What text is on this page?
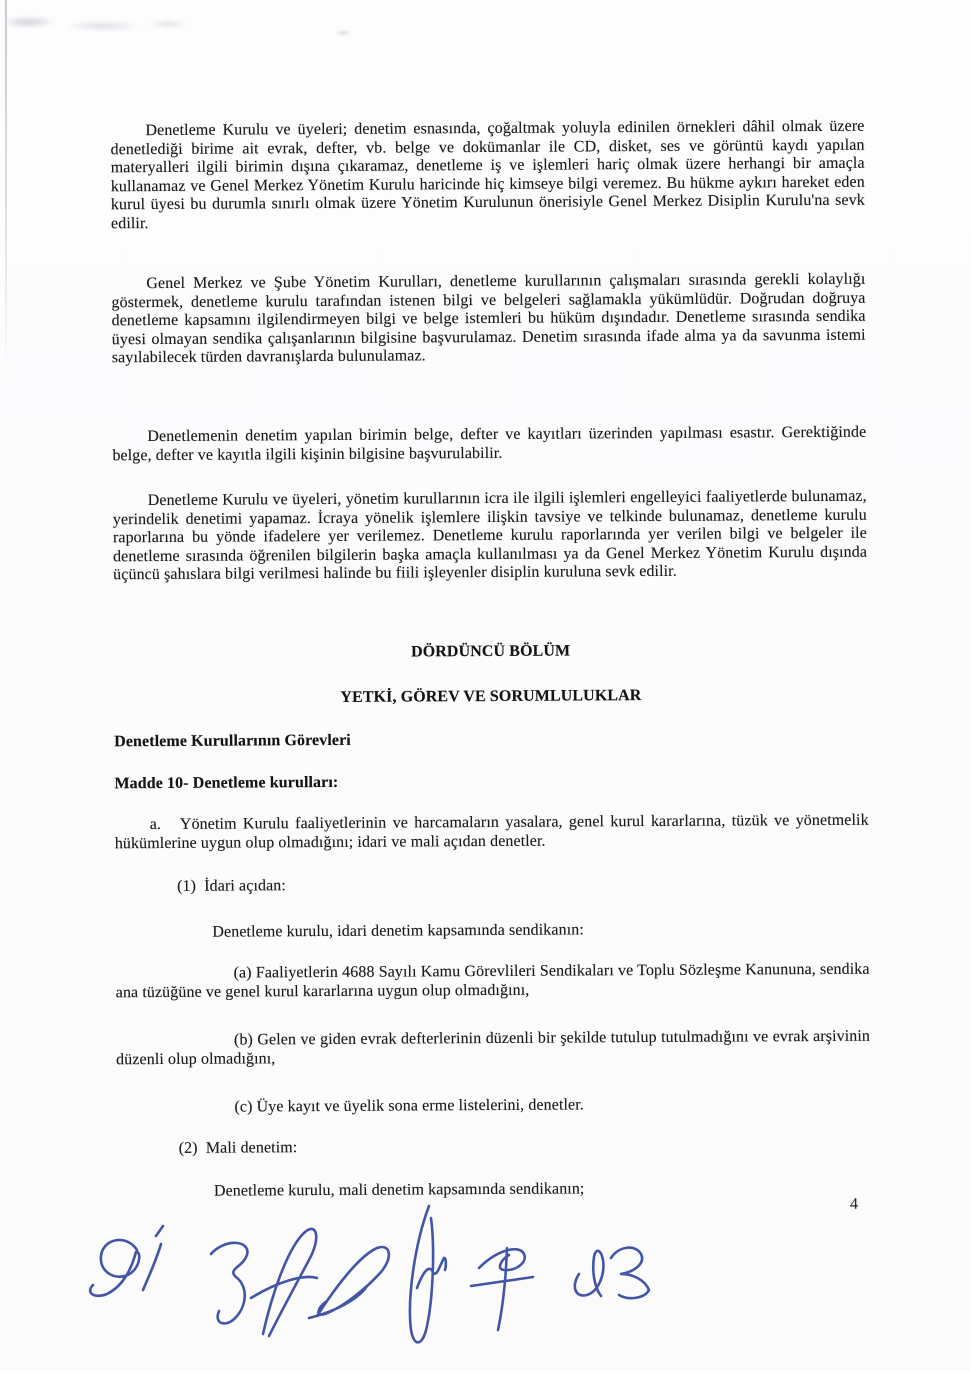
Denetleme Kurulu ve üyeleri; denetim esnasında, çoğaltmak yoluyla edinilen örnekleri dâhil olmak üzere denetlediği birime ait evrak, defter, vb. belge ve dokümanlar ile CD, disket, ses ve görüntü kaydı yapılan materyalleri ilgili birimin dışına çıkaramaz, denetleme iş ve işlemleri hariç olmak üzere herhangi bir amaçla kullanamaz ve Genel Merkez Yönetim Kurulu haricinde hiç kimseye bilgi veremez. Bu hükme aykırı hareket eden kurul üyesi bu durumla sınırlı olmak üzere Yönetim Kurulunun önerisiyle Genel Merkez Disiplin Kurulu'na sevk edilir.

Genel Merkez ve Şube Yönetim Kurulları, denetleme kurullarının çalışmaları sırasında gerekli kolaylığı göstermek, denetleme kurulu tarafından istenen bilgi ve belgeleri sağlamakla yükümlüdür. Doğrudan doğruya denetleme kapsamını ilgilendirmeyen bilgi ve belge istemleri bu hüküm dışındadır. Denetleme sırasında sendika üyesi olmayan sendika çalışanlarının bilgisine başvurulamaz. Denetim sırasında ifade alma ya da savunma istemi sayılabilecek türden davranışlarda bulunulamaz.

Denetlemenin denetim yapılan birimin belge, defter ve kayıtları üzerinden yapılması esastır. Gerektiğinde belge, defter ve kayıtla ilgili kişinin bilgisine başvurulabilir.

Denetleme Kurulu ve üyeleri, yönetim kurullarının icra ile ilgili işlemleri engelleyici faaliyetlerde bulunamaz, yerindelik denetimi yapamaz. İcraya yönelik işlemlere ilişkin tavsiye ve telkinde bulunamaz, denetleme kurulu raporlarına bu yönde ifadelere yer verilemez. Denetleme kurulu raporlarında yer verilen bilgi ve belgeler ile denetleme sırasında öğrenilen bilgilerin başka amaçla kullanılması ya da Genel Merkez Yönetim Kurulu dışında üçüncü şahıslara bilgi verilmesi halinde bu fiili işleyenler disiplin kuruluna sevk edilir.

DÖRDÜNCÜ BÖLÜM
YETKİ, GÖREV VE SORUMLULUKLAR
Denetleme Kurullarının Görevleri
Madde 10- Denetleme kurulları:

a.   Yönetim Kurulu faaliyetlerinin ve harcamaların yasalara, genel kurul kararlarına, tüzük ve yönetmelik hükümlerine uygun olup olmadığını; idari ve mali açıdan denetler.

(1)  İdari açıdan:

Denetleme kurulu, idari denetim kapsamında sendikanın:

(a) Faaliyetlerin 4688 Sayılı Kamu Görevlileri Sendikaları ve Toplu Sözleşme Kanununa, sendika ana tüzüğüne ve genel kurul kararlarına uygun olup olmadığını,

(b) Gelen ve giden evrak defterlerinin düzenli bir şekilde tutulup tutulmadığını ve evrak arşivinin düzenli olup olmadığını,

(c) Üye kayıt ve üyelik sona erme listelerini, denetler.

(2)  Mali denetim:

Denetleme kurulu, mali denetim kapsamında sendikanın;

4
